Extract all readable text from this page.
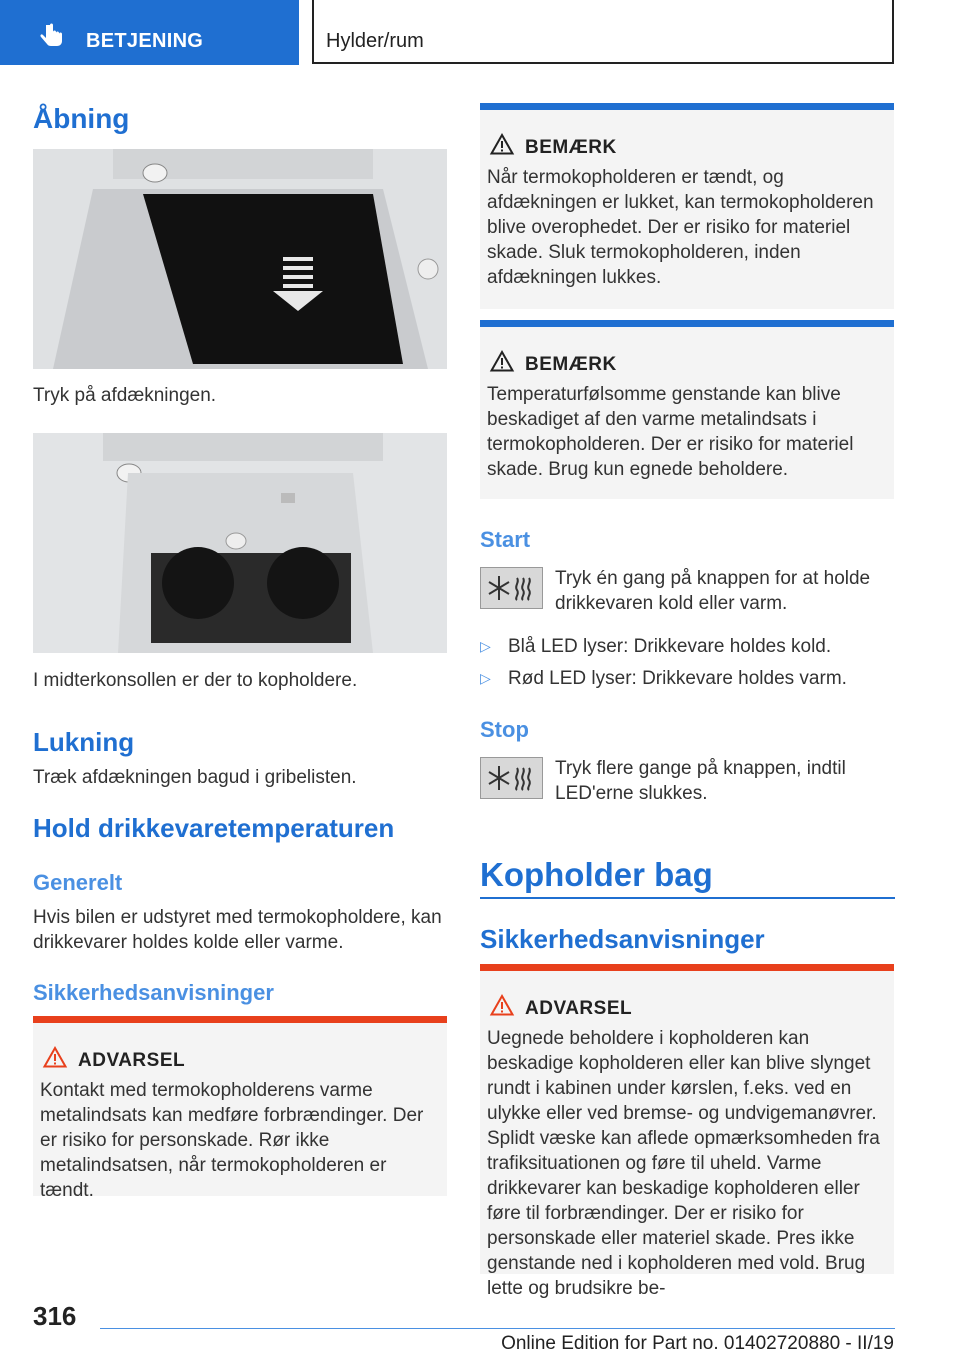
BETJENING	Hylder/rum
Åbning

Tryk på afdækningen.

I midterkonsollen er der to kopholdere.

Lukning

Træk afdækningen bagud i gribelisten.

Hold drikkevaretemperaturen
Generelt

Hvis bilen er udstyret med termokopholdere, kan drikkevarer holdes kolde eller varme.

Sikkerhedsanvisninger
ADVARSEL

Kontakt med termokopholderens varme metalindsats kan medføre forbrændinger. Der er risiko for personskade. Rør ikke metalindsatsen, når termokopholderen er tændt.

BEMÆRK

Når termokopholderen er tændt, og afdækningen er lukket, kan termokopholderen blive overophedet. Der er risiko for materiel skade. Sluk termokopholderen, inden afdækningen lukkes.

BEMÆRK

Temperaturfølsomme genstande kan blive beskadiget af den varme metalindsats i termokopholderen. Der er risiko for materiel skade. Brug kun egnede beholdere.

Start

Tryk én gang på knappen for at holde drikkevaren kold eller varm.

▷ Blå LED lyser: Drikkevare holdes kold.
▷ Rød LED lyser: Drikkevare holdes varm.
Stop

Tryk flere gange på knappen, indtil LED'erne slukkes.

Kopholder bag
Sikkerhedsanvisninger
ADVARSEL

Uegnede beholdere i kopholderen kan beskadige kopholderen eller kan blive slynget rundt i kabinen under kørslen, f.eks. ved en ulykke eller ved bremse- og undvigemanøvrer. Splidt væske kan aflede opmærksomheden fra trafiksituationen og føre til uheld. Varme drikkevarer kan beskadige kopholderen eller føre til forbrændinger. Der er risiko for personskade eller materiel skade. Pres ikke genstande ned i kopholderen med vold. Brug lette og brudsikre be-

316
Online Edition for Part no. 01402720880 - II/19
